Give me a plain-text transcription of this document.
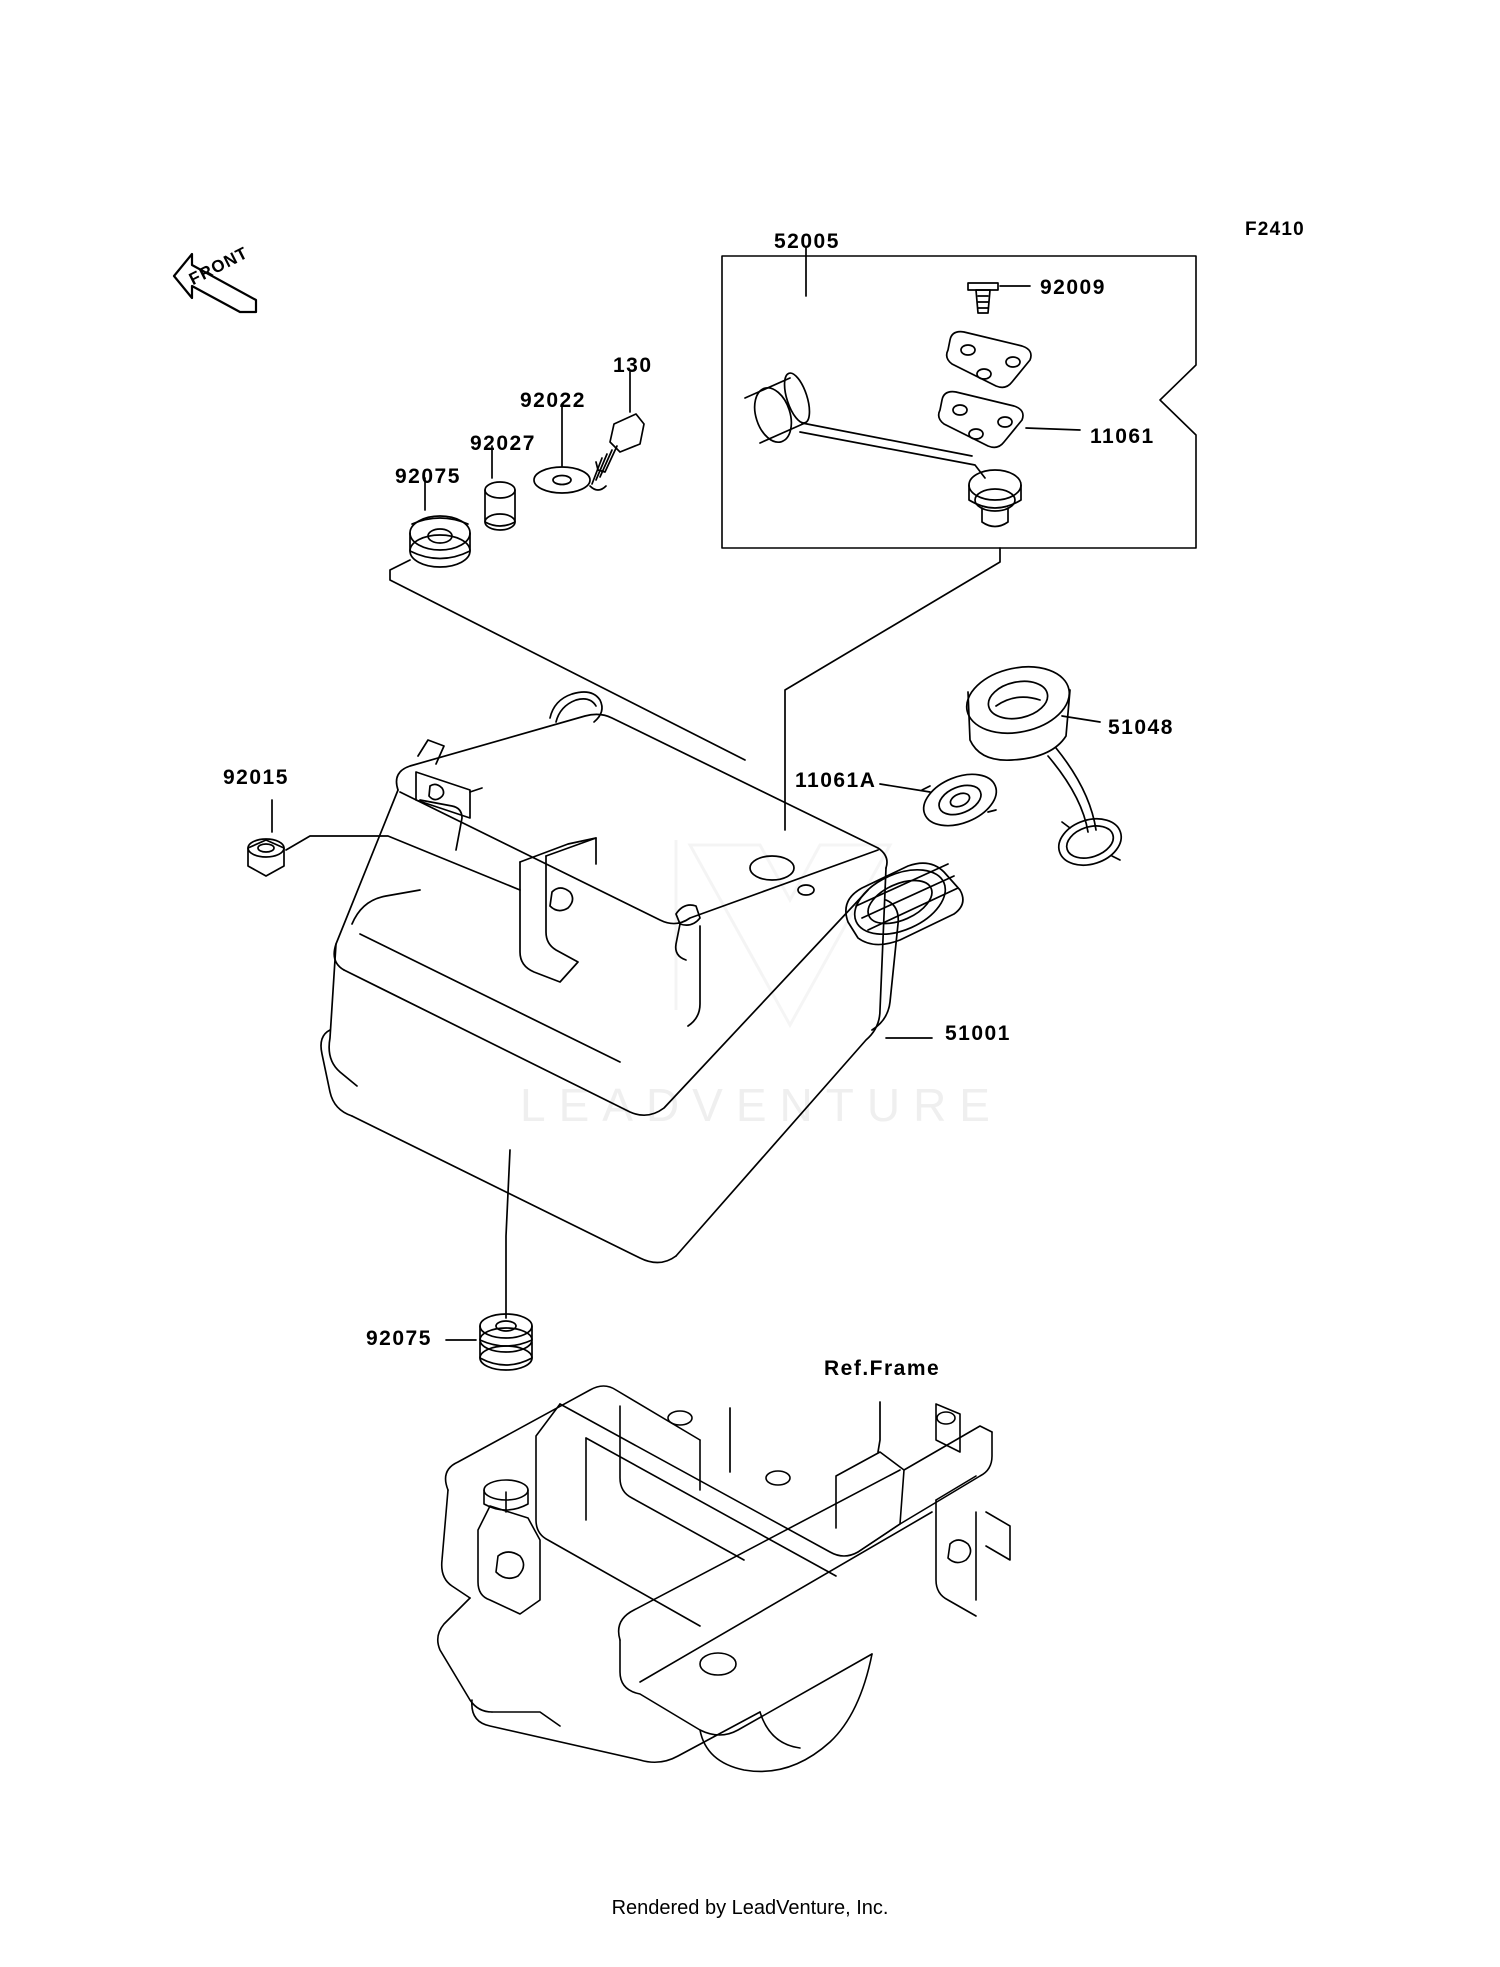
LEADVENTURE
FRONT
F2410
Ref.Frame
52005
92009
11061
130
92022
92027
92075
51048
11061A
92015
51001
92075
Rendered by LeadVenture, Inc.
